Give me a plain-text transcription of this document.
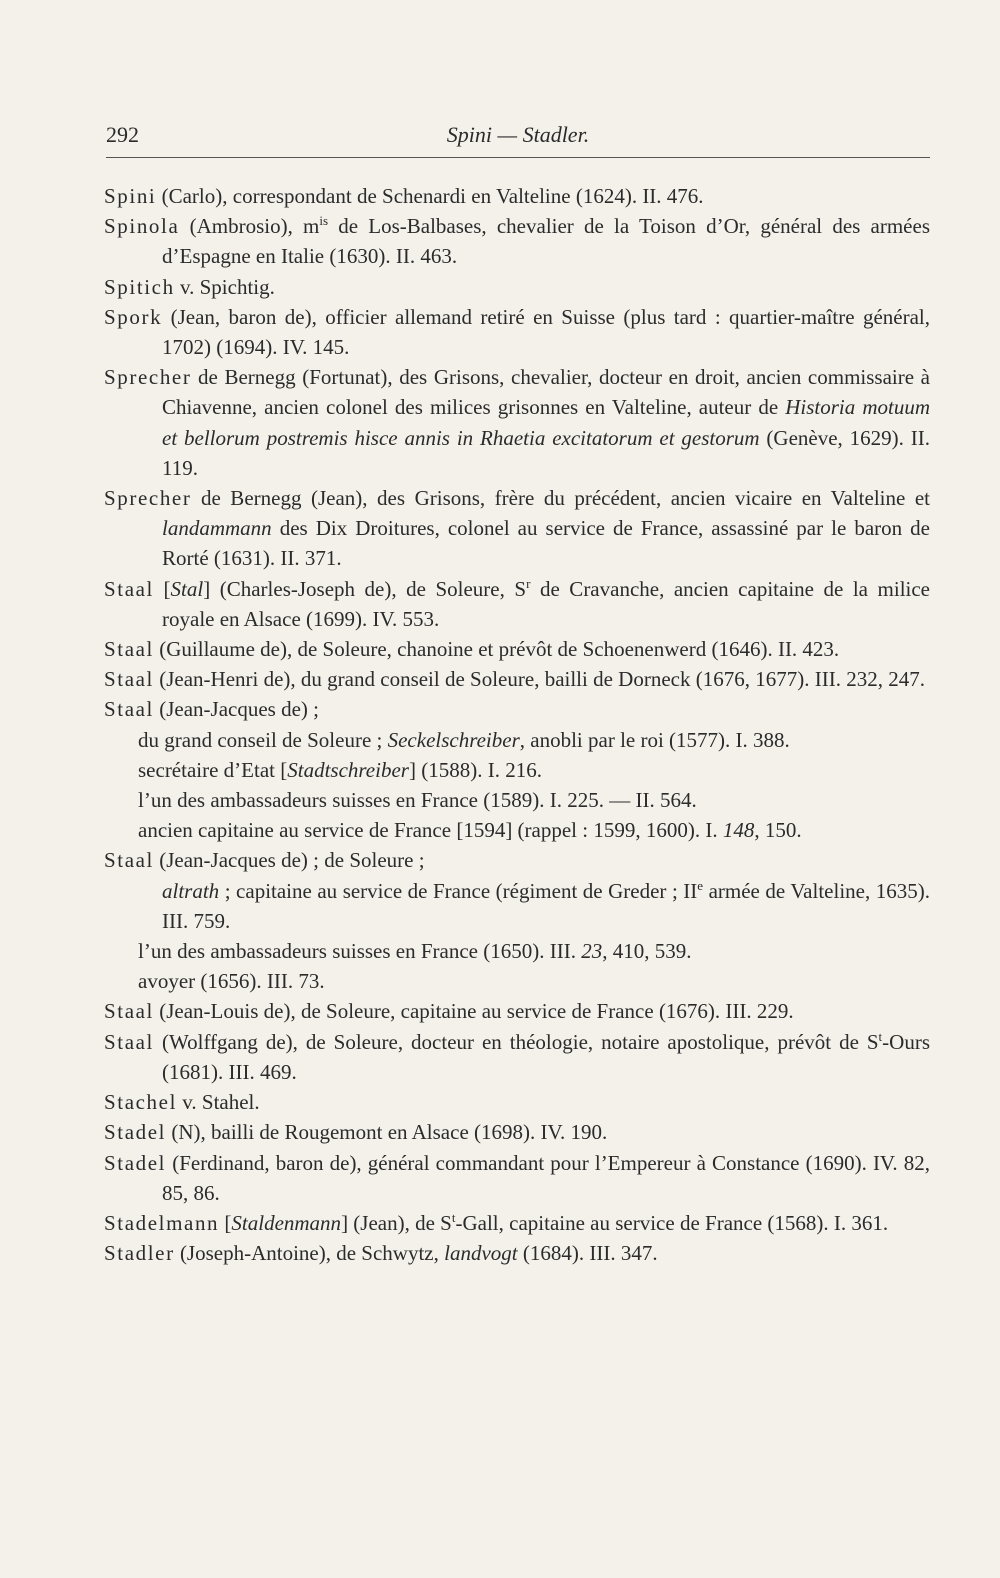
292	Spini — Stadler.

Spini (Carlo), correspondant de Schenardi en Valteline (1624). II. 476.

Spinola (Ambrosio), $m^{is}$ de Los-Balbases, chevalier de la Toison d’Or, général des armées d’Espagne en Italie (1630). II. 463.

Spitich v. Spichtig.

Spork (Jean, baron de), officier allemand retiré en Suisse (plus tard : quartier-maître général, 1702) (1694). IV. 145.

Sprecher de Bernegg (Fortunat), des Grisons, chevalier, docteur en droit, ancien commissaire à Chiavenne, ancien colonel des milices grisonnes en Valteline, auteur de Historia motuum et bellorum postremis hisce annis in Rhaetia excitatorum et gestorum (Genève, 1629). II. 119.

Sprecher de Bernegg (Jean), des Grisons, frère du précédent, ancien vicaire en Valteline et landammann des Dix Droitures, colonel au service de France, assassiné par le baron de Rorté (1631). II. 371.

Staal [Stal] (Charles-Joseph de), de Soleure, $S^r$ de Cravanche, ancien capitaine de la milice royale en Alsace (1699). IV. 553.

Staal (Guillaume de), de Soleure, chanoine et prévôt de Schoenenwerd (1646). II. 423.

Staal (Jean-Henri de), du grand conseil de Soleure, bailli de Dorneck (1676, 1677). III. 232, 247.

Staal (Jean-Jacques de) ;

du grand conseil de Soleure ; Seckelschreiber, anobli par le roi (1577). I. 388.

secrétaire d’Etat [Stadtschreiber] (1588). I. 216.

l’un des ambassadeurs suisses en France (1589). I. 225. — II. 564.

ancien capitaine au service de France [1594] (rappel : 1599, 1600). I. 148, 150.

Staal (Jean-Jacques de) ; de Soleure ;

altrath ; capitaine au service de France (régiment de Greder ; IIe armée de Valteline, 1635). III. 759.

l’un des ambassadeurs suisses en France (1650). III. 23, 410, 539.

avoyer (1656). III. 73.

Staal (Jean-Louis de), de Soleure, capitaine au service de France (1676). III. 229.

Staal (Wolffgang de), de Soleure, docteur en théologie, notaire apostolique, prévôt de $S^t$-Ours (1681). III. 469.

Stachel v. Stahel.

Stadel (N), bailli de Rougemont en Alsace (1698). IV. 190.

Stadel (Ferdinand, baron de), général commandant pour l’Empereur à Constance (1690). IV. 82, 85, 86.

Stadelmann [Staldenmann] (Jean), de $S^t$-Gall, capitaine au service de France (1568). I. 361.

Stadler (Joseph-Antoine), de Schwytz, landvogt (1684). III. 347.
